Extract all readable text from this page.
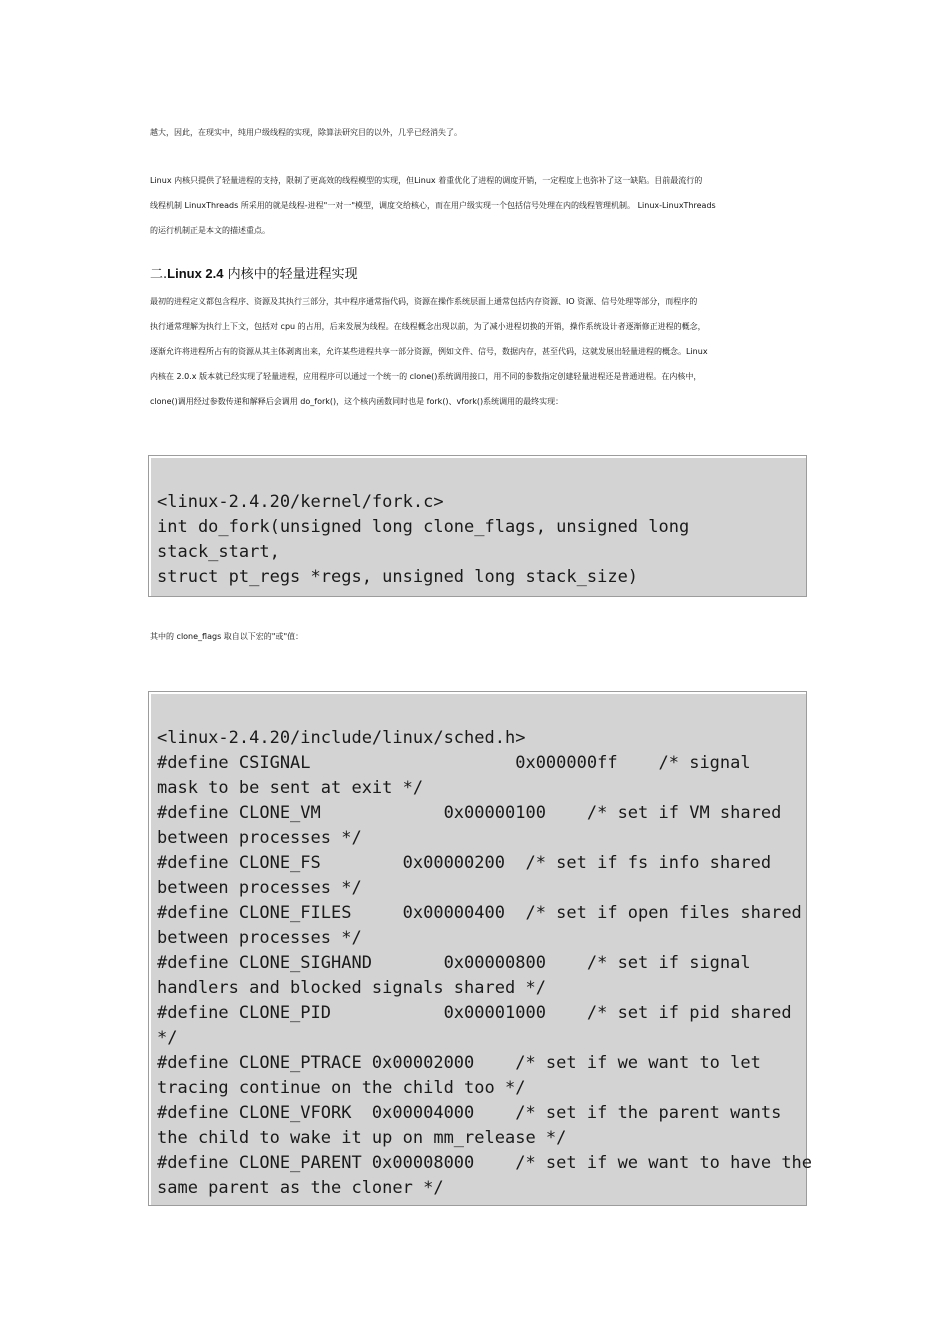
越大，因此，在现实中，纯用户级线程的实现，除算法研究目的以外，几乎已经消失了。
Linux 内核只提供了轻量进程的支持，限制了更高效的线程模型的实现，但Linux 着重优化了进程的调度开销，一定程度上也弥补了这一缺陷。目前最流行的
线程机制 LinuxThreads 所采用的就是线程-进程"一对一"模型，调度交给核心，而在用户级实现一个包括信号处理在内的线程管理机制。 Linux-LinuxThreads
的运行机制正是本文的描述重点。
二.Linux 2.4 内核中的轻量进程实现
最初的进程定义都包含程序、资源及其执行三部分，其中程序通常指代码，资源在操作系统层面上通常包括内存资源、IO 资源、信号处理等部分，而程序的
执行通常理解为执行上下文，包括对 cpu 的占用，后来发展为线程。在线程概念出现以前，为了减小进程切换的开销，操作系统设计者逐渐修正进程的概念，
逐渐允许将进程所占有的资源从其主体剥离出来，允许某些进程共享一部分资源，例如文件、信号，数据内存，甚至代码，这就发展出轻量进程的概念。Linux
内核在 2.0.x 版本就已经实现了轻量进程，应用程序可以通过一个统一的 clone()系统调用接口，用不同的参数指定创建轻量进程还是普通进程。在内核中，
clone()调用经过参数传递和解释后会调用 do_fork()，这个核内函数同时也是 fork()、vfork()系统调用的最终实现：
<linux-2.4.20/kernel/fork.c>
int do_fork(unsigned long clone_flags, unsigned long
stack_start,
struct pt_regs *regs, unsigned long stack_size)
其中的 clone_flags 取自以下宏的"或"值：
<linux-2.4.20/include/linux/sched.h>
#define CSIGNAL                    0x000000ff    /* signal
mask to be sent at exit */
#define CLONE_VM            0x00000100    /* set if VM shared
between processes */
#define CLONE_FS        0x00000200  /* set if fs info shared
between processes */
#define CLONE_FILES     0x00000400  /* set if open files shared
between processes */
#define CLONE_SIGHAND       0x00000800    /* set if signal
handlers and blocked signals shared */
#define CLONE_PID           0x00001000    /* set if pid shared
*/
#define CLONE_PTRACE 0x00002000    /* set if we want to let
tracing continue on the child too */
#define CLONE_VFORK  0x00004000    /* set if the parent wants
the child to wake it up on mm_release */
#define CLONE_PARENT 0x00008000    /* set if we want to have the
same parent as the cloner */
